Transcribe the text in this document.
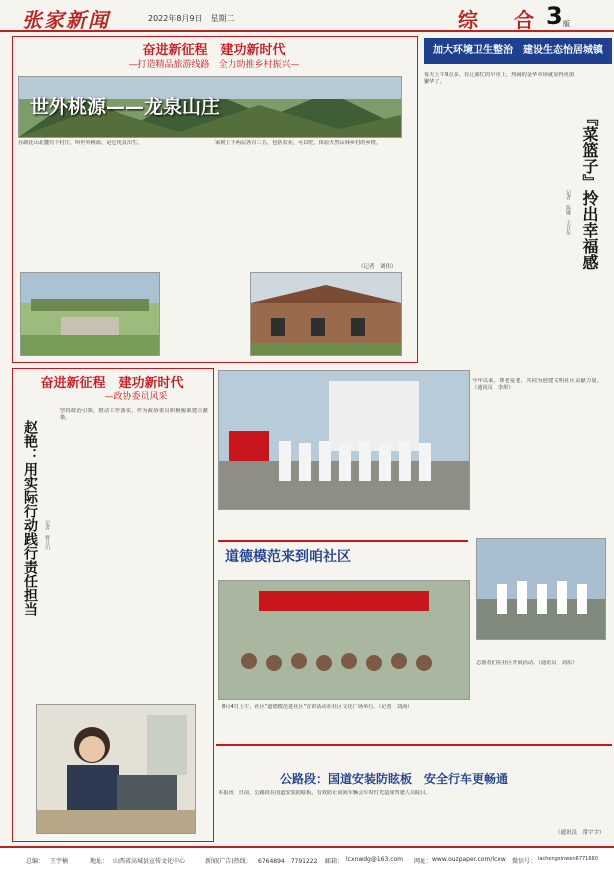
张家新闻	2022年8月9日　星期二	综　合 3 版
奋进新征程　建功新时代
—打造精品旅游线路　全力助推乡村振兴—
世外桃源——龙泉山庄
在疏花山北麓有个村庄，叫世外桃源，是它优良出生。	家树上下两层各百三五，包括农业，可以吃，体验天然山林乡村的乡情。
（记者　刘伟）
加大环境卫生整治　建设生态怡居城镇
每天上午9点多，在辽源忙的早市上，热闹的金华市场就显得更加繁华了。
『菜篮子』拎出幸福感
记者　陈娜　王日东
奋进新征程　建功新时代
—政协委员风采
赵艳：用实际行动践行责任担当	记者　曹日川
坚持政治引领，推动工作落实，作为政协委员积极履职建言献策。
今年以来，尊老爱老，共同为创建文明社区贡献力量。（通讯员　李彤）
志愿者们在社区开展活动。（通讯员　刘东）
道德模范来到咱社区
8月4日上午，社区"道德模范进社区"宣讲活动在社区文化广场举行。（记者　刘海）
公路段：国道安装防眩板　安全行车更畅通
本报讯　日前，公路段在国道安装防眩板，有效防止夜间车辆会车时灯光造成驾驶人员眩目。
（通讯员　常宇宇）
总编： 王宇楠	地址： 山西省高城县宣传文化中心	新闻(广告)热线： 6764894　7791222 邮箱： lcxnwdg@163.com 网址： www.ouzpaper.com/lcxw 微信号： lachengxinwen6771660
